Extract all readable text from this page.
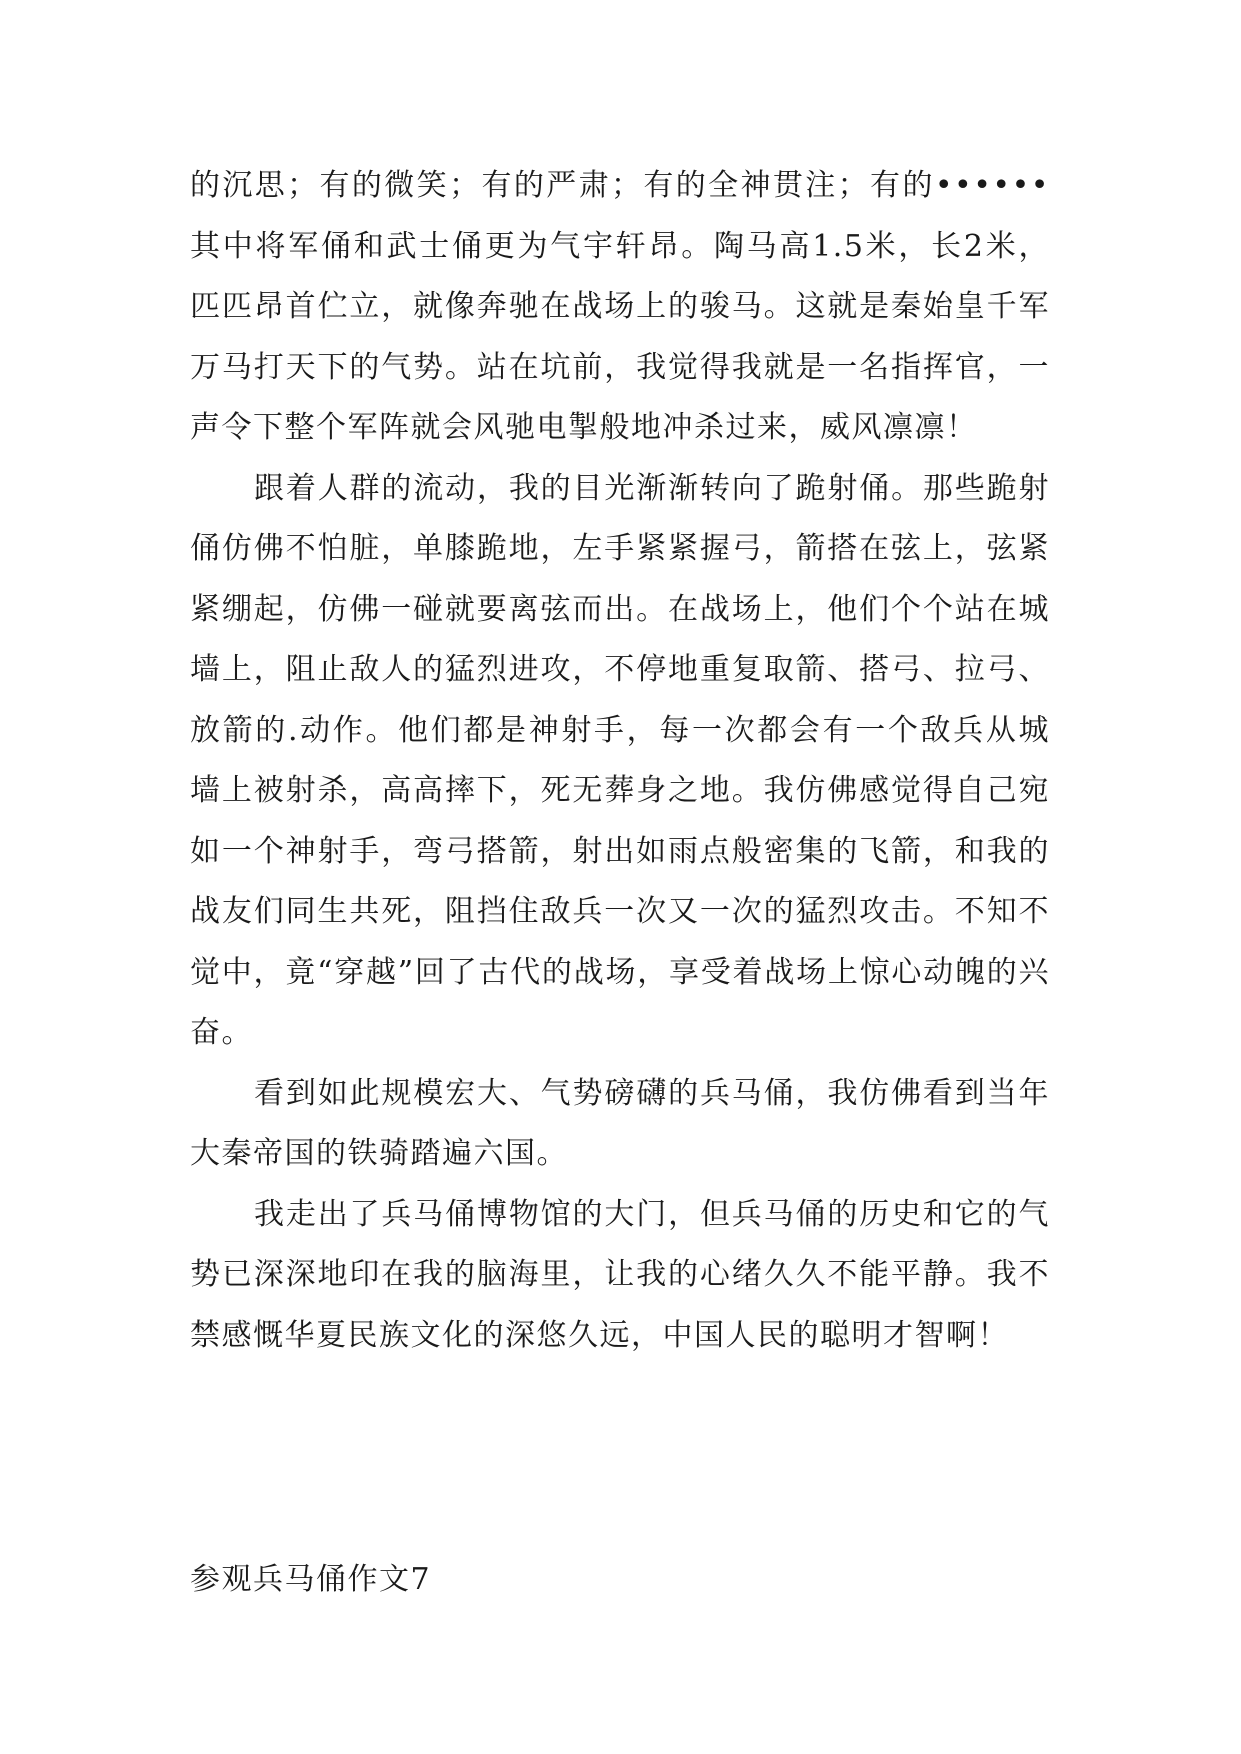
的沉思；有的微笑；有的严肃；有的全神贯注；有的••••••其中将军俑和武士俑更为气宇轩昂。陶马高1.5米，长2米，匹匹昂首伫立，就像奔驰在战场上的骏马。这就是秦始皇千军万马打天下的气势。站在坑前，我觉得我就是一名指挥官，一声令下整个军阵就会风驰电掣般地冲杀过来，威风凛凛！

跟着人群的流动，我的目光渐渐转向了跪射俑。那些跪射俑仿佛不怕脏，单膝跪地，左手紧紧握弓，箭搭在弦上，弦紧紧绷起，仿佛一碰就要离弦而出。在战场上，他们个个站在城墙上，阻止敌人的猛烈进攻，不停地重复取箭、搭弓、拉弓、放箭的.动作。他们都是神射手，每一次都会有一个敌兵从城墙上被射杀，高高摔下，死无葬身之地。我仿佛感觉得自己宛如一个神射手，弯弓搭箭，射出如雨点般密集的飞箭，和我的战友们同生共死，阻挡住敌兵一次又一次的猛烈攻击。不知不觉中，竟“穿越”回了古代的战场，享受着战场上惊心动魄的兴奋。

看到如此规模宏大、气势磅礴的兵马俑，我仿佛看到当年大秦帝国的铁骑踏遍六国。

我走出了兵马俑博物馆的大门，但兵马俑的历史和它的气势已深深地印在我的脑海里，让我的心绪久久不能平静。我不禁感慨华夏民族文化的深悠久远，中国人民的聪明才智啊！

参观兵马俑作文7
